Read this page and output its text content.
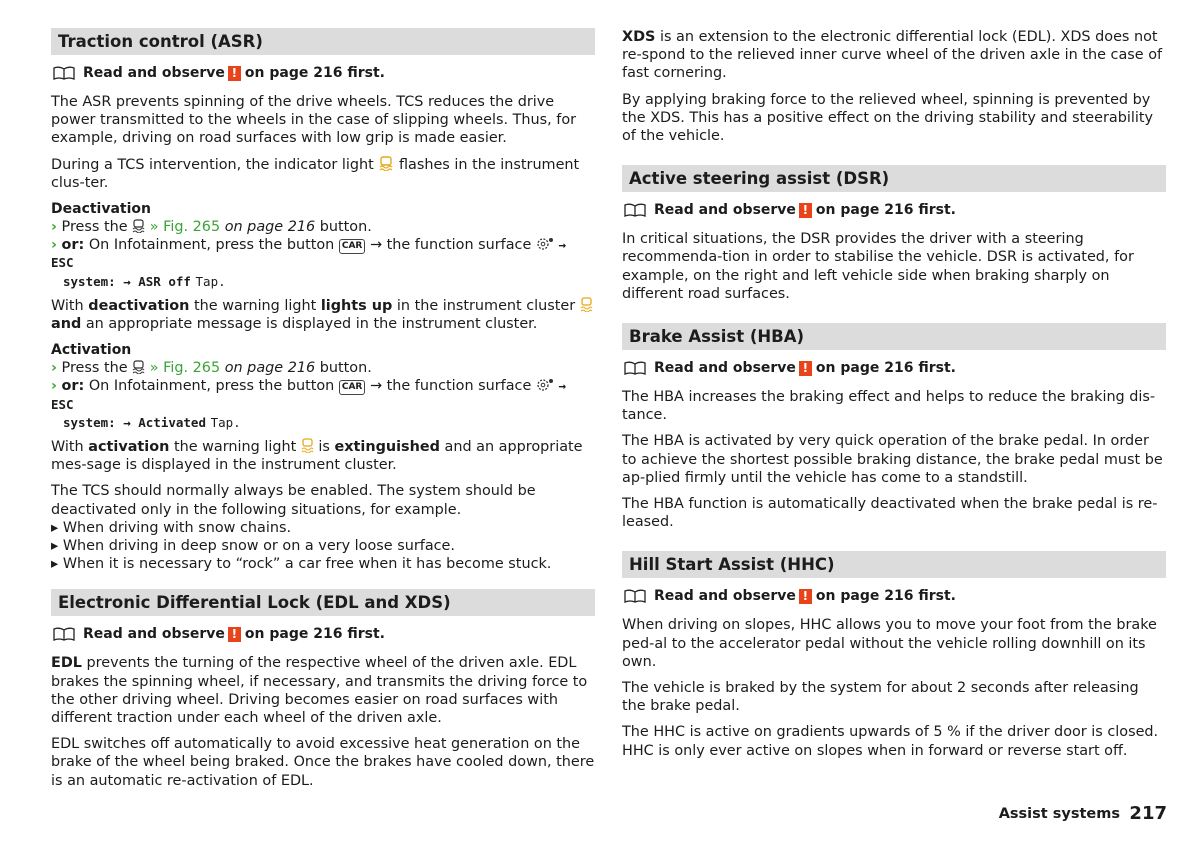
Traction control (ASR)
Read and observe ! on page 216 first.

The ASR prevents spinning of the drive wheels. TCS reduces the drive power transmitted to the wheels in the case of slipping wheels. Thus, for example, driving on road surfaces with low grip is made easier.

During a TCS intervention, the indicator light flashes in the instrument clus-ter.

Deactivation
› Press the » Fig. 265 on page 216 button.
› or: On Infotainment, press the button CAR → the function surface → ESC
system: → ASR off Tap.

With deactivation the warning light lights up in the instrument cluster  and an appropriate message is displayed in the instrument cluster.

Activation
› Press the » Fig. 265 on page 216 button.
› or: On Infotainment, press the button CAR → the function surface → ESC
system: → Activated Tap.

With activation the warning light is extinguished and an appropriate mes-sage is displayed in the instrument cluster.

The TCS should normally always be enabled. The system should be deactivated only in the following situations, for example.

▸ When driving with snow chains.
▸ When driving in deep snow or on a very loose surface.
▸ When it is necessary to “rock” a car free when it has become stuck.
Electronic Differential Lock (EDL and XDS)
Read and observe ! on page 216 first.

EDL prevents the turning of the respective wheel of the driven axle. EDL brakes the spinning wheel, if necessary, and transmits the driving force to the other driving wheel. Driving becomes easier on road surfaces with different traction under each wheel of the driven axle.

EDL switches off automatically to avoid excessive heat generation on the brake of the wheel being braked. Once the brakes have cooled down, there is an automatic re-activation of EDL.

XDS is an extension to the electronic differential lock (EDL). XDS does not re-spond to the relieved inner curve wheel of the driven axle in the case of fast cornering.

By applying braking force to the relieved wheel, spinning is prevented by the XDS. This has a positive effect on the driving stability and steerability of the vehicle.

Active steering assist (DSR)
Read and observe ! on page 216 first.

In critical situations, the DSR provides the driver with a steering recommenda-tion in order to stabilise the vehicle. DSR is activated, for example, on the right and left vehicle side when braking sharply on different road surfaces.

Brake Assist (HBA)
Read and observe ! on page 216 first.

The HBA increases the braking effect and helps to reduce the braking dis-tance.

The HBA is activated by very quick operation of the brake pedal. In order to achieve the shortest possible braking distance, the brake pedal must be ap-plied firmly until the vehicle has come to a standstill.

The HBA function is automatically deactivated when the brake pedal is re-leased.

Hill Start Assist (HHC)
Read and observe ! on page 216 first.

When driving on slopes, HHC allows you to move your foot from the brake ped-al to the accelerator pedal without the vehicle rolling downhill on its own.

The vehicle is braked by the system for about 2 seconds after releasing the brake pedal.

The HHC is active on gradients upwards of 5 % if the driver door is closed. HHC is only ever active on slopes when in forward or reverse start off.

Assist systems 217
